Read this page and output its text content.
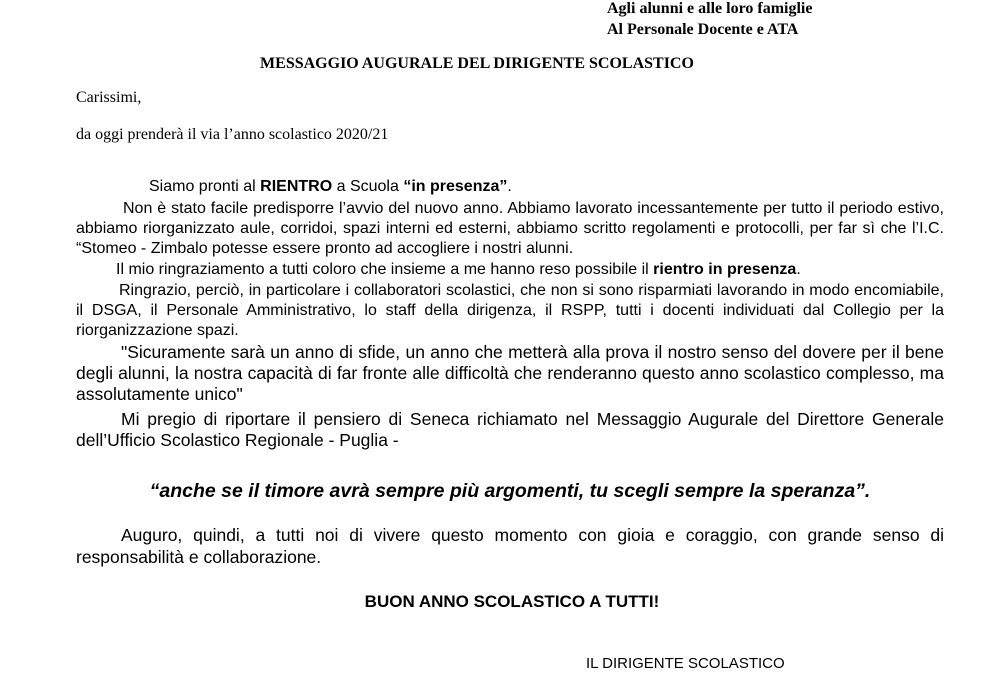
Agli alunni e alle loro famiglie
Al Personale Docente e ATA
MESSAGGIO AUGURALE DEL DIRIGENTE SCOLASTICO
Carissimi,
da oggi prenderà il via l’anno scolastico 2020/21
Siamo pronti al RIENTRO a Scuola “in presenza”.
Non è stato facile predisporre l’avvio del nuovo anno. Abbiamo lavorato incessantemente per tutto il periodo estivo, abbiamo riorganizzato aule, corridoi, spazi interni ed esterni, abbiamo scritto regolamenti e protocolli, per far sì che l’I.C. “Stomeo - Zimbalo potesse essere pronto ad accogliere i nostri alunni.
Il mio ringraziamento a tutti coloro che insieme a me hanno reso possibile il rientro in presenza.
Ringrazio, perciò, in particolare i collaboratori scolastici, che non si sono risparmiati lavorando in modo encomiabile, il DSGA, il Personale Amministrativo, lo staff della dirigenza, il RSPP, tutti i docenti individuati dal Collegio per la riorganizzazione spazi.
"Sicuramente sarà un anno di sfide, un anno che metterà alla prova il nostro senso del dovere per il bene degli alunni, la nostra capacità di far fronte alle difficoltà che renderanno questo anno scolastico complesso, ma assolutamente unico"
Mi pregio di riportare il pensiero di Seneca richiamato nel Messaggio Augurale del Direttore Generale dell’Ufficio Scolastico Regionale - Puglia -
“anche se il timore avrà sempre più argomenti, tu scegli sempre la speranza”.
Auguro, quindi, a tutti noi di vivere questo momento con gioia e coraggio, con grande senso di responsabilità e collaborazione.
BUON ANNO SCOLASTICO A TUTTI!
IL DIRIGENTE SCOLASTICO
